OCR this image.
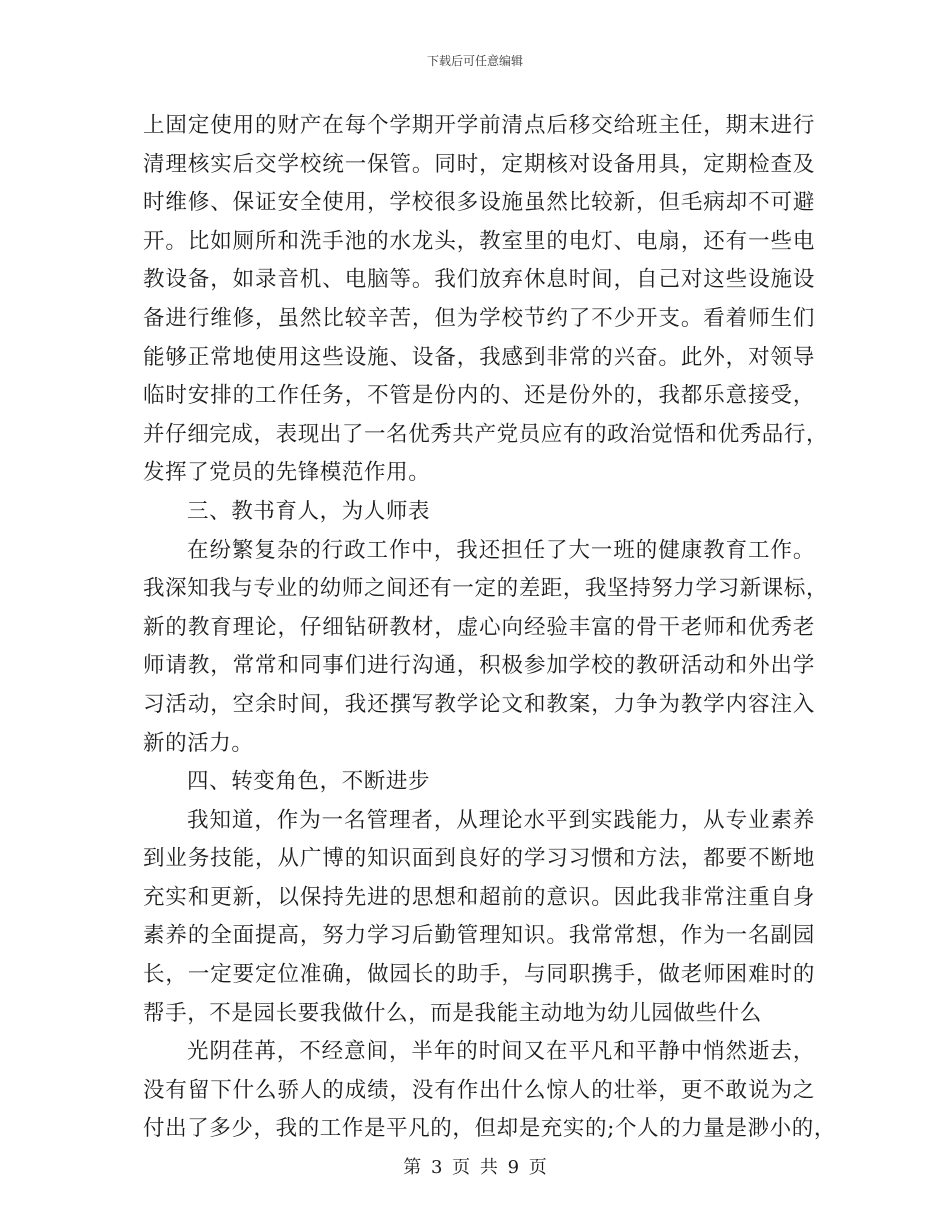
下载后可任意编辑
上固定使用的财产在每个学期开学前清点后移交给班主任，期末进行
清理核实后交学校统一保管。同时，定期核对设备用具，定期检查及
时维修、保证安全使用，学校很多设施虽然比较新，但毛病却不可避
开。比如厕所和洗手池的水龙头，教室里的电灯、电扇，还有一些电
教设备，如录音机、电脑等。我们放弃休息时间，自己对这些设施设
备进行维修，虽然比较辛苦，但为学校节约了不少开支。看着师生们
能够正常地使用这些设施、设备，我感到非常的兴奋。此外，对领导
临时安排的工作任务，不管是份内的、还是份外的，我都乐意接受，
并仔细完成，表现出了一名优秀共产党员应有的政治觉悟和优秀品行，
发挥了党员的先锋模范作用。
三、教书育人，为人师表
在纷繁复杂的行政工作中，我还担任了大一班的健康教育工作。
我深知我与专业的幼师之间还有一定的差距，我坚持努力学习新课标，
新的教育理论，仔细钻研教材，虚心向经验丰富的骨干老师和优秀老
师请教，常常和同事们进行沟通，积极参加学校的教研活动和外出学
习活动，空余时间，我还撰写教学论文和教案，力争为教学内容注入
新的活力。
四、转变角色，不断进步
我知道，作为一名管理者，从理论水平到实践能力，从专业素养
到业务技能，从广博的知识面到良好的学习习惯和方法，都要不断地
充实和更新，以保持先进的思想和超前的意识。因此我非常注重自身
素养的全面提高，努力学习后勤管理知识。我常常想，作为一名副园
长，一定要定位准确，做园长的助手，与同职携手，做老师困难时的
帮手，不是园长要我做什么，而是我能主动地为幼儿园做些什么
光阴荏苒，不经意间，半年的时间又在平凡和平静中悄然逝去，
没有留下什么骄人的成绩，没有作出什么惊人的壮举，更不敢说为之
付出了多少，我的工作是平凡的，但却是充实的;个人的力量是渺小的，
第 3 页 共 9 页
